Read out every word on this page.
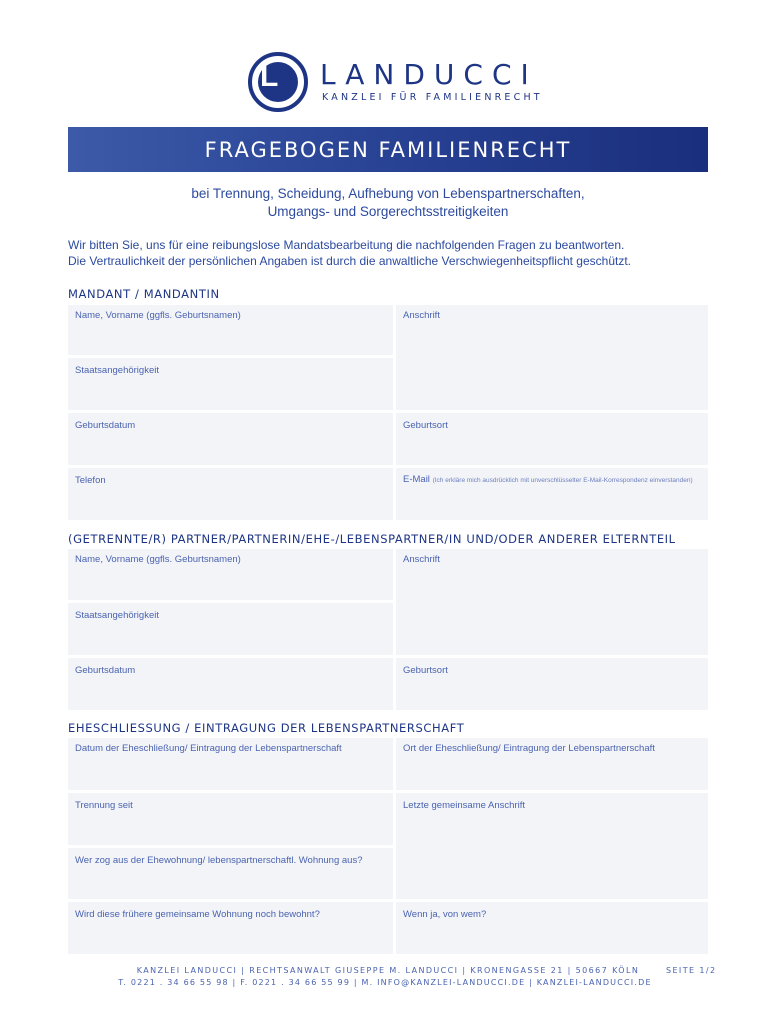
L LANDUCCI
KANZLEI FÜR FAMILIENRECHT
FRAGEBOGEN FAMILIENRECHT
bei Trennung, Scheidung, Aufhebung von Lebenspartnerschaften,
Umgangs- und Sorgerechtsstreitigkeiten
Wir bitten Sie, uns für eine reibungslose Mandatsbearbeitung die nachfolgenden Fragen zu beantworten.
Die Vertraulichkeit der persönlichen Angaben ist durch die anwaltliche Verschwiegenheitspflicht geschützt.
MANDANT / MANDANTIN
Name, Vorname (ggfls. Geburtsnamen)	Anschrift
Staatsangehörigkeit
Geburtsdatum	Geburtsort
Telefon	E-Mail (Ich erkläre mich ausdrücklich mit unverschlüsselter E-Mail-Korrespondenz einverstanden)
(GETRENNTE/R) PARTNER/PARTNERIN/EHE-/LEBENSPARTNER/IN UND/ODER ANDERER ELTERNTEIL
Name, Vorname (ggfls. Geburtsnamen)	Anschrift
Staatsangehörigkeit
Geburtsdatum	Geburtsort
EHESCHLIESSUNG / EINTRAGUNG DER LEBENSPARTNERSCHAFT
Datum der Eheschließung/ Eintragung der Lebenspartnerschaft	Ort der Eheschließung/ Eintragung der Lebenspartnerschaft
Trennung seit	Letzte gemeinsame Anschrift
Wer zog aus der Ehewohnung/ lebenspartnerschaftl. Wohnung aus?
Wird diese frühere gemeinsame Wohnung noch bewohnt?	Wenn ja, von wem?
KANZLEI LANDUCCI | RECHTSANWALT GIUSEPPE M. LANDUCCI | KRONENGASSE 21 | 50667 KÖLN	SEITE 1/2
T. 0221 . 34 66 55 98 | F. 0221 . 34 66 55 99 | M. INFO@KANZLEI-LANDUCCI.DE | KANZLEI-LANDUCCI.DE
